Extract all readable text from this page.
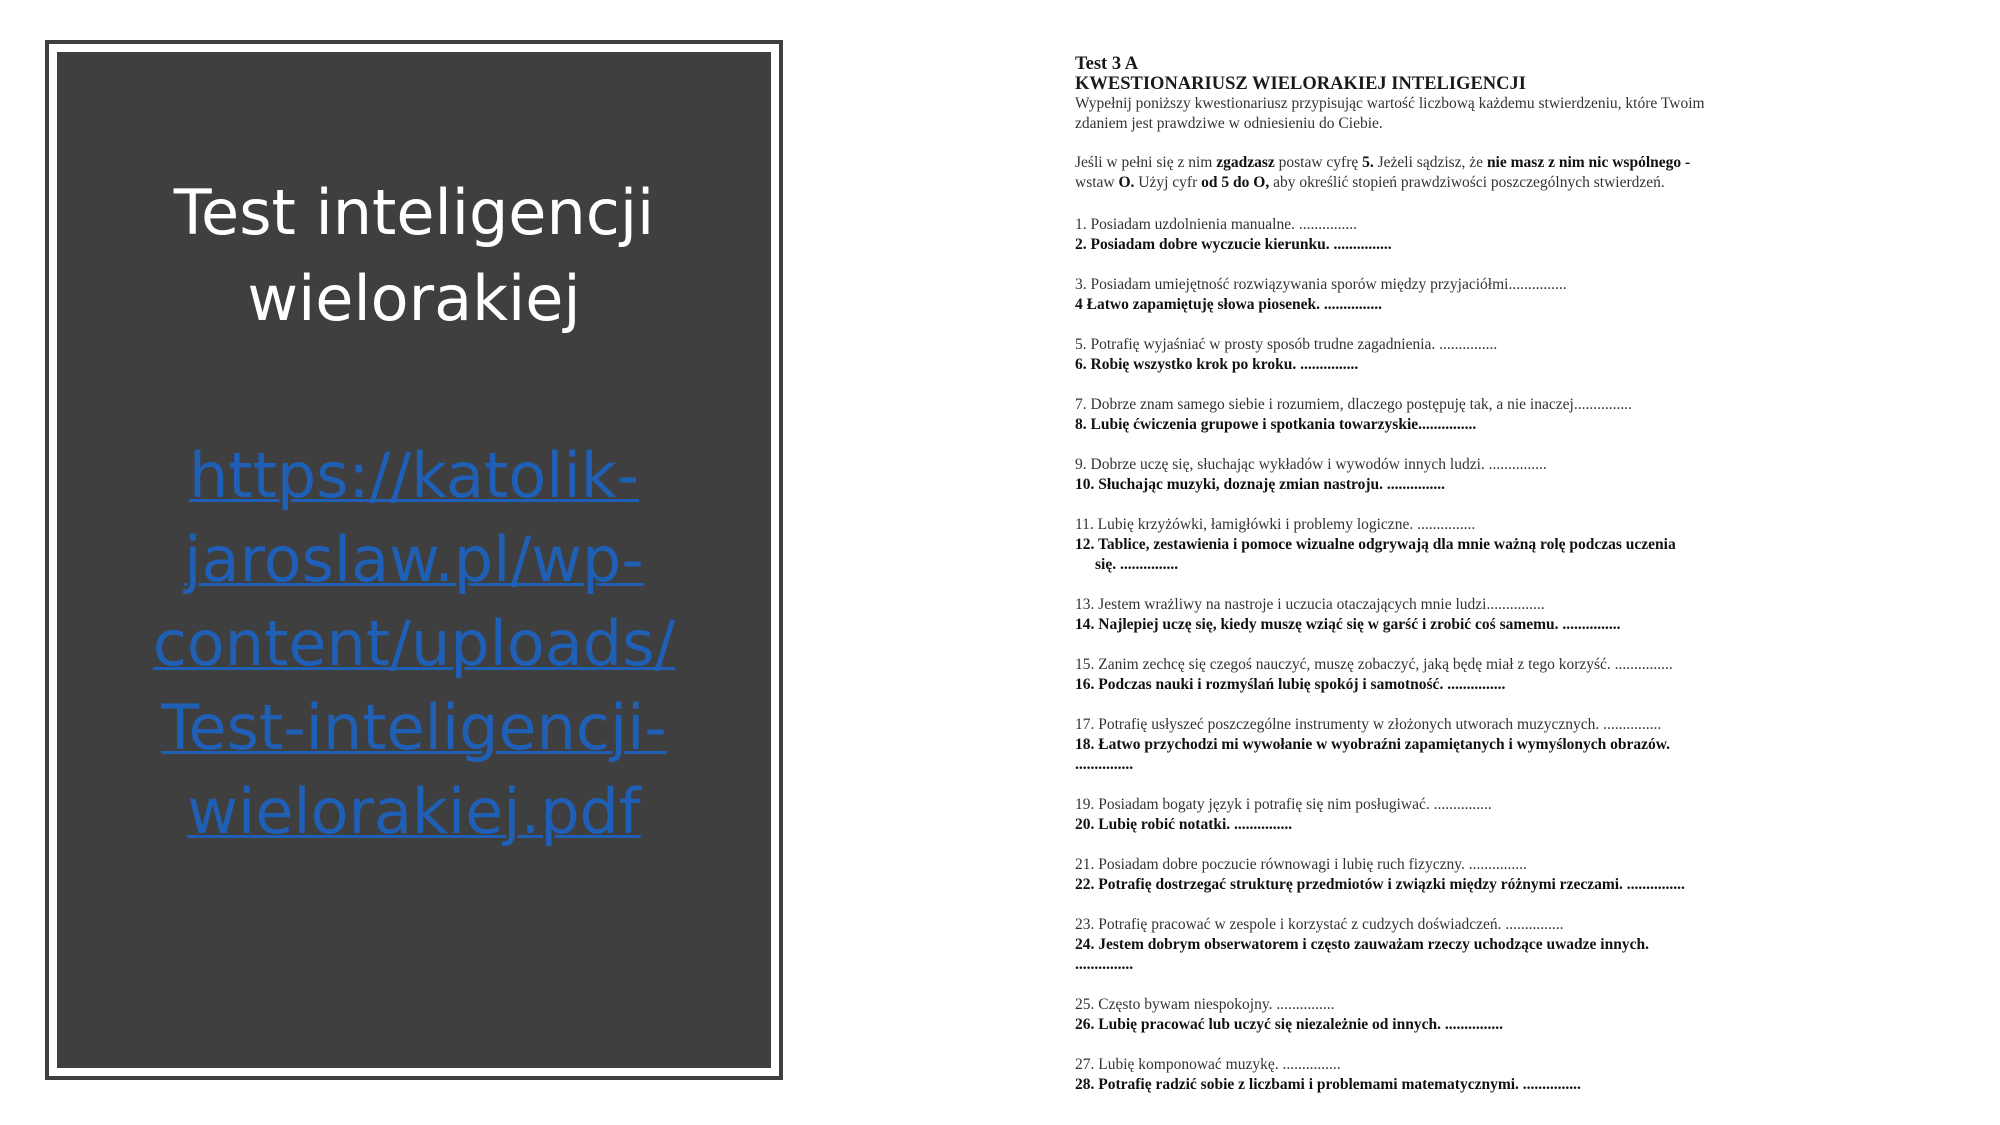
Test inteligencji
wielorakiej
https://katolik-
jaroslaw.pl/wp-
content/uploads/
Test-inteligencji-
wielorakiej.pdf
Test 3 A
KWESTIONARIUSZ WIELORAKIEJ INTELIGENCJI
Wypełnij poniższy kwestionariusz przypisując wartość liczbową każdemu stwierdzeniu, które Twoim
zdaniem jest prawdziwe w odniesieniu do Ciebie.
Jeśli w pełni się z nim zgadzasz postaw cyfrę 5. Jeżeli sądzisz, że nie masz z nim nic wspólnego -
wstaw O. Użyj cyfr od 5 do O, aby określić stopień prawdziwości poszczególnych stwierdzeń.
1. Posiadam uzdolnienia manualne. ...............
2. Posiadam dobre wyczucie kierunku. ...............
3. Posiadam umiejętność rozwiązywania sporów między przyjaciółmi...............
4 Łatwo zapamiętuję słowa piosenek. ...............
5. Potrafię wyjaśniać w prosty sposób trudne zagadnienia. ...............
6. Robię wszystko krok po kroku. ...............
7. Dobrze znam samego siebie i rozumiem, dlaczego postępuję tak, a nie inaczej...............
8. Lubię ćwiczenia grupowe i spotkania towarzyskie...............
9. Dobrze uczę się, słuchając wykładów i wywodów innych ludzi. ...............
10. Słuchając muzyki, doznaję zmian nastroju. ...............
11. Lubię krzyżówki, łamigłówki i problemy logiczne. ...............
12. Tablice, zestawienia i pomoce wizualne odgrywają dla mnie ważną rolę podczas uczenia
się. ...............
13. Jestem wrażliwy na nastroje i uczucia otaczających mnie ludzi...............
14. Najlepiej uczę się, kiedy muszę wziąć się w garść i zrobić coś samemu. ...............
15. Zanim zechcę się czegoś nauczyć, muszę zobaczyć, jaką będę miał z tego korzyść. ...............
16. Podczas nauki i rozmyślań lubię spokój i samotność. ...............
17. Potrafię usłyszeć poszczególne instrumenty w złożonych utworach muzycznych. ...............
18. Łatwo przychodzi mi wywołanie w wyobraźni zapamiętanych i wymyślonych obrazów.
...............
19. Posiadam bogaty język i potrafię się nim posługiwać. ...............
20. Lubię robić notatki. ...............
21. Posiadam dobre poczucie równowagi i lubię ruch fizyczny. ...............
22. Potrafię dostrzegać strukturę przedmiotów i związki między różnymi rzeczami. ...............
23. Potrafię pracować w zespole i korzystać z cudzych doświadczeń. ...............
24. Jestem dobrym obserwatorem i często zauważam rzeczy uchodzące uwadze innych.
...............
25. Często bywam niespokojny. ...............
26. Lubię pracować lub uczyć się niezależnie od innych. ...............
27. Lubię komponować muzykę. ...............
28. Potrafię radzić sobie z liczbami i problemami matematycznymi. ...............
